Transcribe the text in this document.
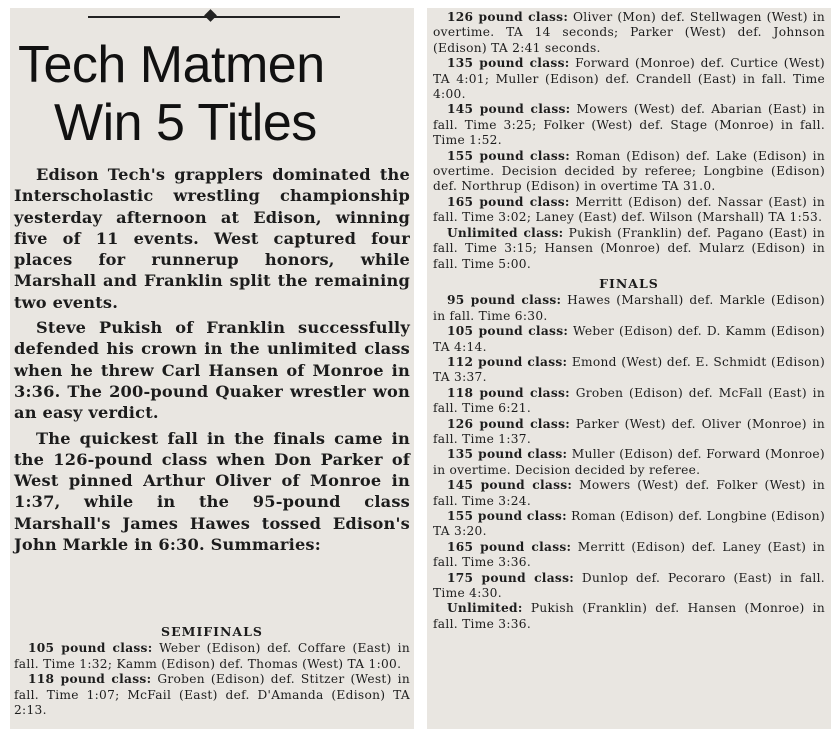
Tech Matmen
Win 5 Titles

Edison Tech's grapplers dominated the Interscholastic wrestling championship yesterday afternoon at Edison, winning five of 11 events. West captured four places for runnerup honors, while Marshall and Franklin split the remaining two events.

Steve Pukish of Franklin successfully defended his crown in the unlimited class when he threw Carl Hansen of Monroe in 3:36. The 200-pound Quaker wrestler won an easy verdict.

The quickest fall in the finals came in the 126-pound class when Don Parker of West pinned Arthur Oliver of Monroe in 1:37, while in the 95-pound class Marshall's James Hawes tossed Edison's John Markle in 6:30. Summaries:

SEMIFINALS

105 pound class: Weber (Edison) def. Coffare (East) in fall. Time 1:32; Kamm (Edison) def. Thomas (West) TA 1:00.

118 pound class: Groben (Edison) def. Stitzer (West) in fall. Time 1:07; McFail (East) def. D'Amanda (Edison) TA 2:13.

126 pound class: Oliver (Mon) def. Stellwagen (West) in overtime. TA 14 seconds; Parker (West) def. Johnson (Edison) TA 2:41 seconds.

135 pound class: Forward (Monroe) def. Curtice (West) TA 4:01; Muller (Edison) def. Crandell (East) in fall. Time 4:00.

145 pound class: Mowers (West) def. Abarian (East) in fall. Time 3:25; Folker (West) def. Stage (Monroe) in fall. Time 1:52.

155 pound class: Roman (Edison) def. Lake (Edison) in overtime. Decision decided by referee; Longbine (Edison) def. Northrup (Edison) in overtime TA 31.0.

165 pound class: Merritt (Edison) def. Nassar (East) in fall. Time 3:02; Laney (East) def. Wilson (Marshall) TA 1:53.

Unlimited class: Pukish (Franklin) def. Pagano (East) in fall. Time 3:15; Hansen (Monroe) def. Mularz (Edison) in fall. Time 5:00.

FINALS

95 pound class: Hawes (Marshall) def. Markle (Edison) in fall. Time 6:30.

105 pound class: Weber (Edison) def. D. Kamm (Edison) TA 4:14.

112 pound class: Emond (West) def. E. Schmidt (Edison) TA 3:37.

118 pound class: Groben (Edison) def. McFall (East) in fall. Time 6:21.

126 pound class: Parker (West) def. Oliver (Monroe) in fall. Time 1:37.

135 pound class: Muller (Edison) def. Forward (Monroe) in overtime. Decision decided by referee.

145 pound class: Mowers (West) def. Folker (West) in fall. Time 3:24.

155 pound class: Roman (Edison) def. Longbine (Edison) TA 3:20.

165 pound class: Merritt (Edison) def. Laney (East) in fall. Time 3:36.

175 pound class: Dunlop def. Pecoraro (East) in fall. Time 4:30.

Unlimited: Pukish (Franklin) def. Hansen (Monroe) in fall. Time 3:36.
